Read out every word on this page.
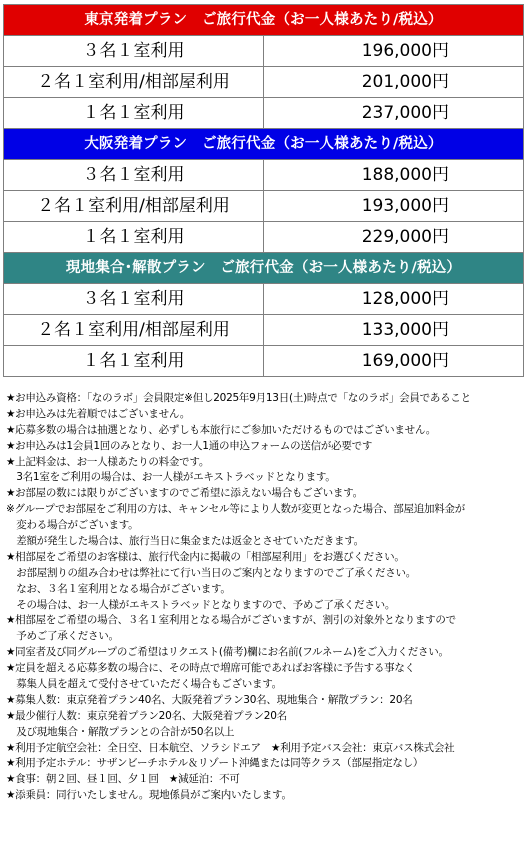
東京発着プラン　ご旅行代金（お一人様あたり/税込）	
３名１室利用	196,000円
２名１室利用/相部屋利用	201,000円
１名１室利用	237,000円
大阪発着プラン　ご旅行代金（お一人様あたり/税込）	
３名１室利用	188,000円
２名１室利用/相部屋利用	193,000円
１名１室利用	229,000円
現地集合･解散プラン　ご旅行代金（お一人様あたり/税込）	
３名１室利用	128,000円
２名１室利用/相部屋利用	133,000円
１名１室利用	169,000円
★お申込み資格：「なのラボ」会員限定※但し2025年9月13日(土)時点で「なのラボ」会員であること
★お申込みは先着順ではございません。
★応募多数の場合は抽選となり、必ずしも本旅行にご参加いただけるものではございません。
★お申込みは1会員1回のみとなり、お一人1通の申込フォームの送信が必要です
★上記料金は、お一人様あたりの料金です。
　3名1室をご利用の場合は、お一人様がエキストラベッドとなります。
★お部屋の数には限りがございますのでご希望に添えない場合もございます。
※グループでお部屋をご利用の方は、キャンセル等により人数が変更となった場合、部屋追加料金が
　変わる場合がございます。
　差額が発生した場合は、旅行当日に集金または返金とさせていただきます。
★相部屋をご希望のお客様は、旅行代金内に掲載の「相部屋利用」をお選びください。
　お部屋割りの組み合わせは弊社にて行い当日のご案内となりますのでご了承ください。
　なお、３名１室利用となる場合がございます。
　その場合は、お一人様がエキストラベッドとなりますので、予めご了承ください。
★相部屋をご希望の場合、３名１室利用となる場合がございますが、割引の対象外となりますので
　予めご了承ください。
★同室者及び同グループのご希望はリクエスト(備考)欄にお名前(フルネーム)をご入力ください。
★定員を超える応募多数の場合に、その時点で増席可能であればお客様に予告する事なく
　募集人員を超えて受付させていただく場合もございます。
★募集人数：東京発着プラン40名、大阪発着プラン30名、現地集合・解散プラン：20名
★最少催行人数：東京発着プラン20名、大阪発着プラン20名
　及び現地集合・解散プランとの合計が50名以上
★利用予定航空会社：全日空、日本航空、ソラシドエア　★利用予定バス会社：東京バス株式会社
★利用予定ホテル：サザンビーチホテル＆リゾート沖縄または同等クラス（部屋指定なし）
★食事：朝２回、昼１回、夕１回　★減延泊：不可
★添乗員：同行いたしません。現地係員がご案内いたします。
